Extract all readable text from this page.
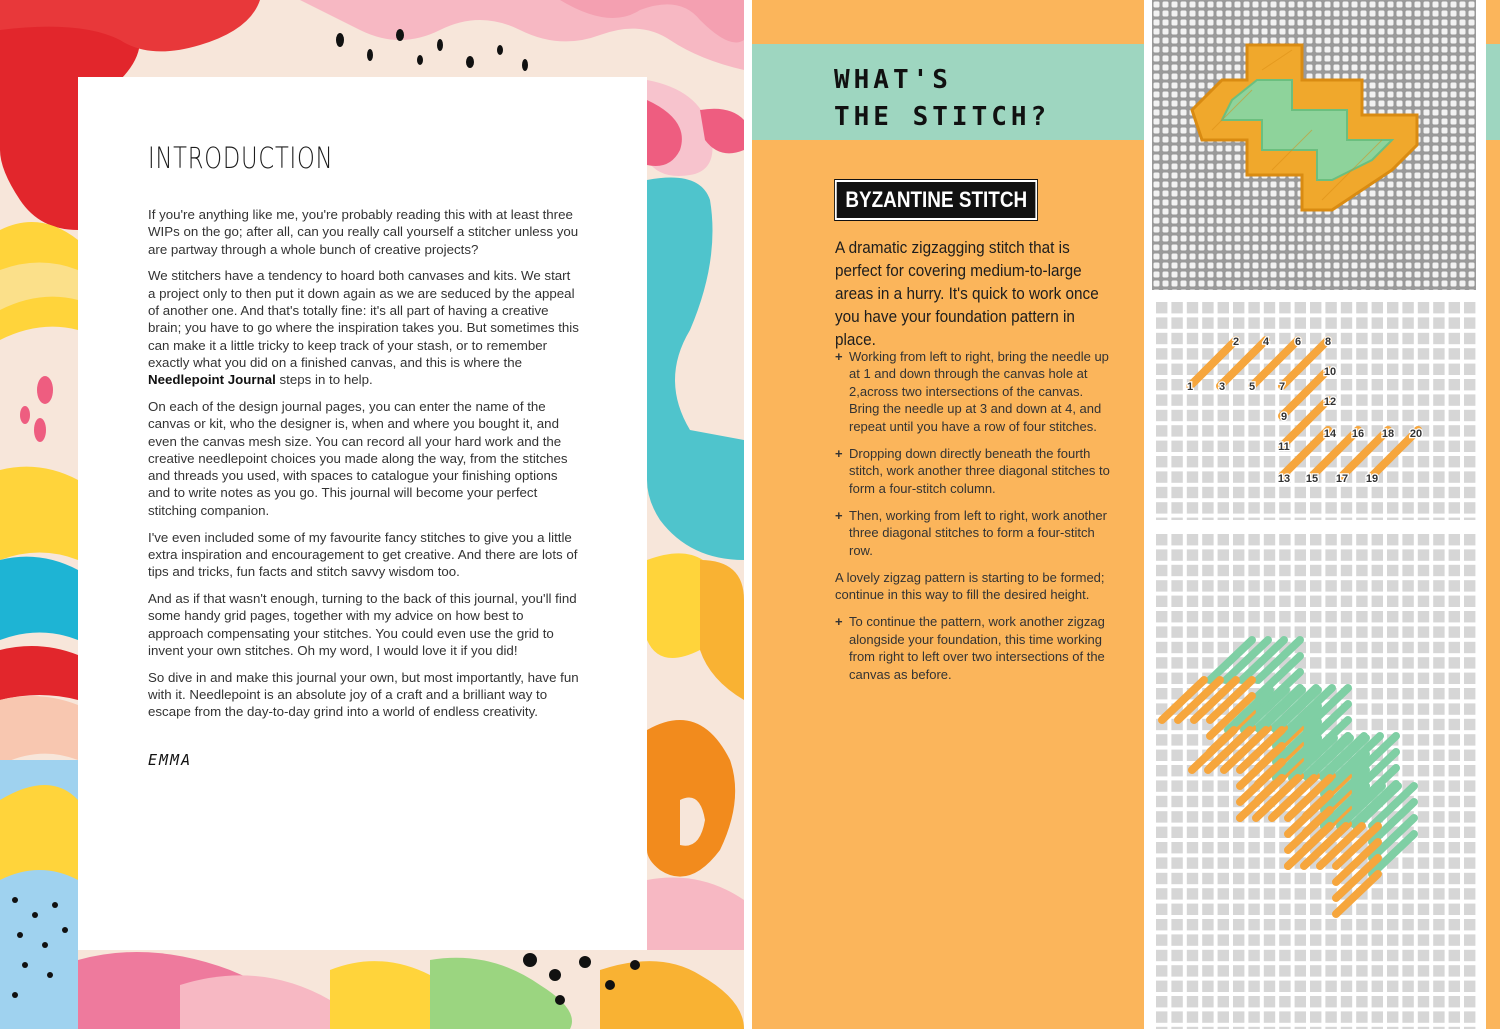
INTRODUCTION

If you're anything like me, you're probably reading this with at least three WIPs on the go; after all, can you really call yourself a stitcher unless you are partway through a whole bunch of creative projects?

We stitchers have a tendency to hoard both canvases and kits. We start a project only to then put it down again as we are seduced by the appeal of another one. And that's totally fine: it's all part of having a creative brain; you have to go where the inspiration takes you. But sometimes this can make it a little tricky to keep track of your stash, or to remember exactly what you did on a finished canvas, and this is where the Needlepoint Journal steps in to help.

On each of the design journal pages, you can enter the name of the canvas or kit, who the designer is, when and where you bought it, and even the canvas mesh size. You can record all your hard work and the creative needlepoint choices you made along the way, from the stitches and threads you used, with spaces to catalogue your finishing options and to write notes as you go. This journal will become your perfect stitching companion.

I've even included some of my favourite fancy stitches to give you a little extra inspiration and encouragement to get creative. And there are lots of tips and tricks, fun facts and stitch savvy wisdom too.

And as if that wasn't enough, turning to the back of this journal, you'll find some handy grid pages, together with my advice on how best to approach compensating your stitches. You could even use the grid to invent your own stitches. Oh my word, I would love it if you did!

So dive in and make this journal your own, but most importantly, have fun with it. Needlepoint is an absolute joy of a craft and a brilliant way to escape from the day-to-day grind into a world of endless creativity.

EMMA
WHAT'S
THE STITCH?
BYZANTINE STITCH

A dramatic zigzagging stitch that is perfect for covering medium-to-large areas in a hurry. It's quick to work once you have your foundation pattern in place.

+ Working from left to right, bring the needle up at 1 and down through the canvas hole at 2,across two intersections of the canvas. Bring the needle up at 3 and down at 4, and repeat until you have a row of four stitches.
+ Dropping down directly beneath the fourth stitch, work another three diagonal stitches to form a four-stitch column.
+ Then, working from left to right, work another three diagonal stitches to form a four-stitch row.
A lovely zigzag pattern is starting to be formed; continue in this way to fill the desired height.
+ To continue the pattern, work another zigzag alongside your foundation, this time working from right to left over two intersections of the canvas as before.
1
2
3
4
5
6
7
8
9
10
11
12
13
14
15
16
17
18
19
20
